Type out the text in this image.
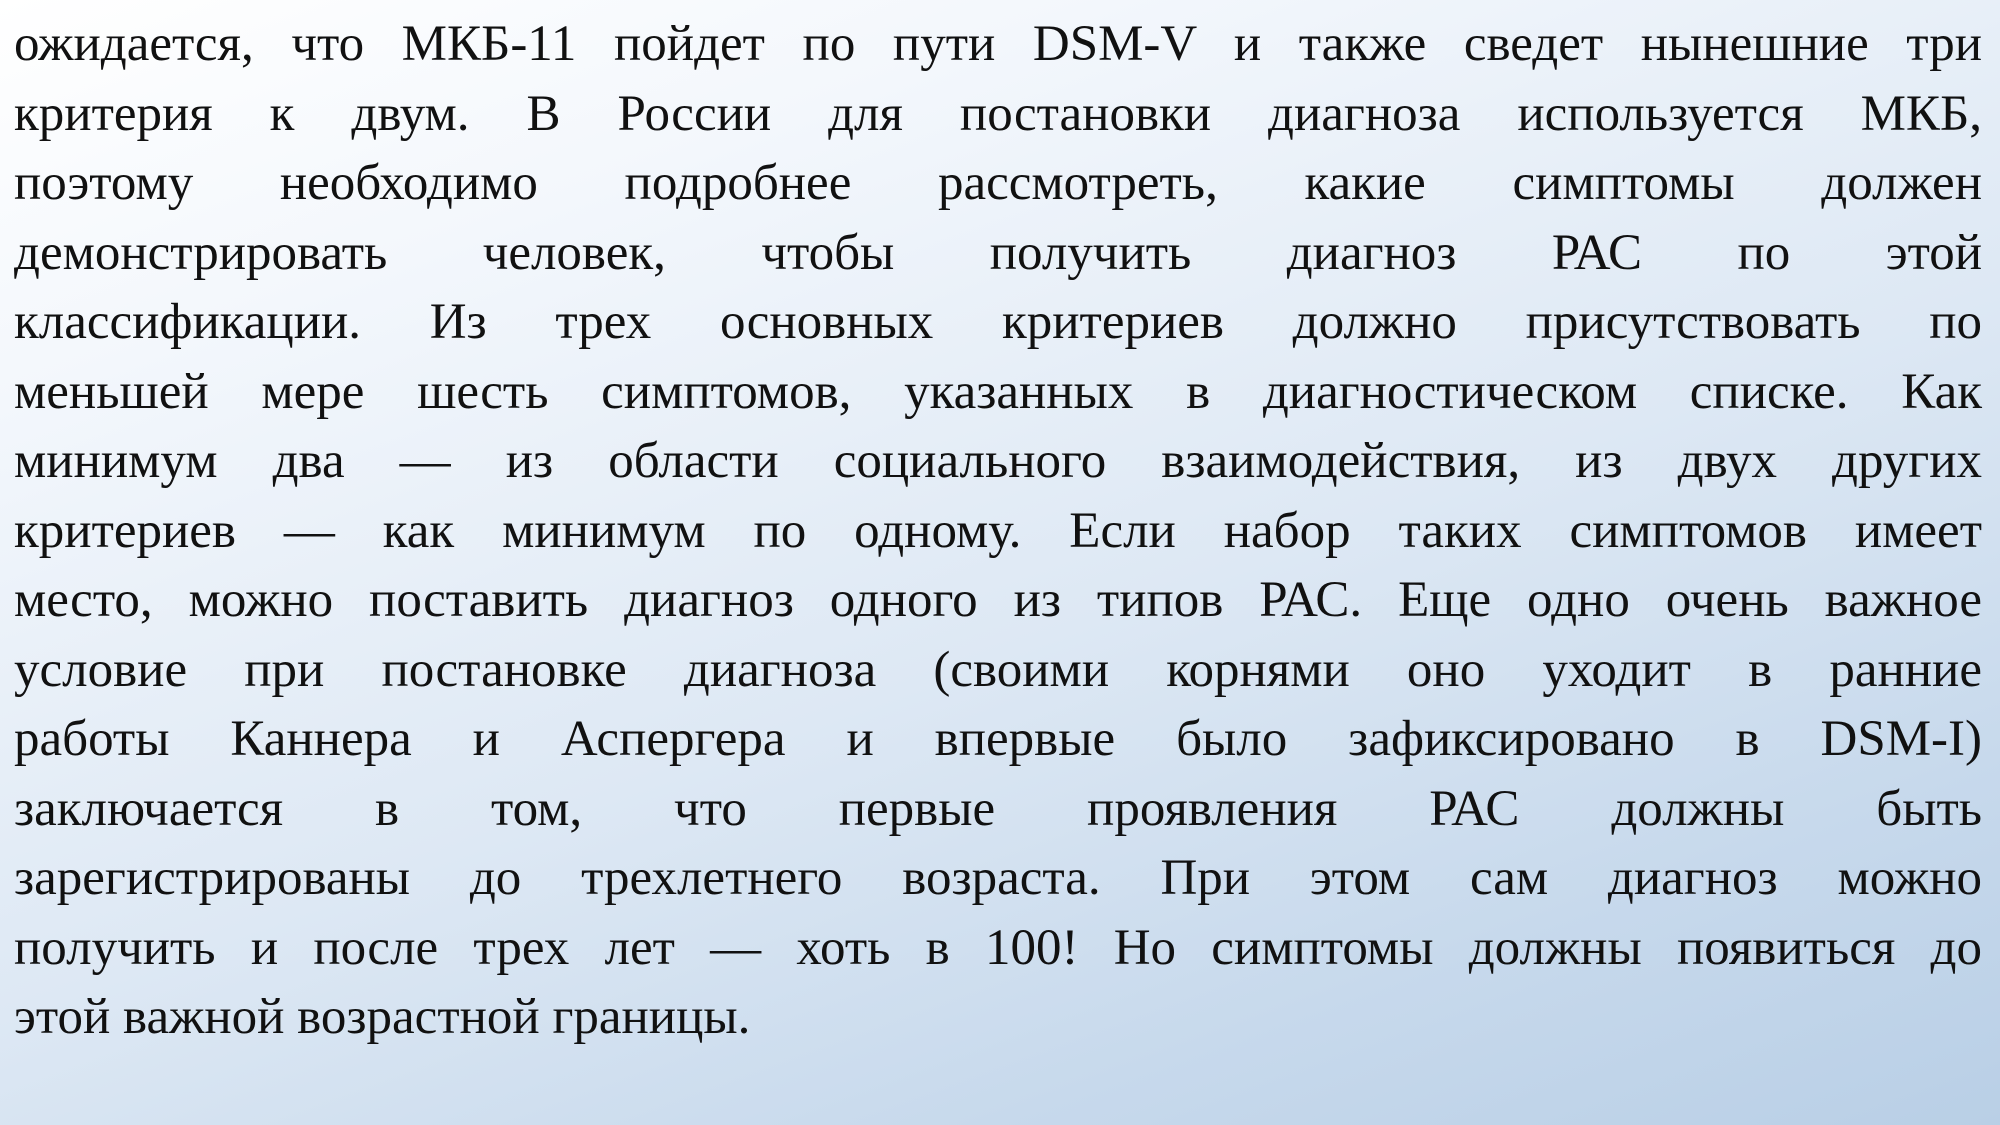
ожидается, что МКБ-11 пойдет по пути DSM-V и также сведет нынешние три
критерия к двум. В России для постановки диагноза используется МКБ,
поэтому необходимо подробнее рассмотреть, какие симптомы должен
демонстрировать человек, чтобы получить диагноз РАС по этой
классификации. Из трех основных критериев должно присутствовать по
меньшей мере шесть симптомов, указанных в диагностическом списке. Как
минимум два — из области социального взаимодействия, из двух других
критериев — как минимум по одному. Если набор таких симптомов имеет
место, можно поставить диагноз одного из типов РАС. Еще одно очень важное
условие при постановке диагноза (своими корнями оно уходит в ранние
работы Каннера и Аспергера и впервые было зафиксировано в DSM-I)
заключается в том, что первые проявления РАС должны быть
зарегистрированы до трехлетнего возраста. При этом сам диагноз можно
получить и после трех лет — хоть в 100! Но симптомы должны появиться до
этой важной возрастной границы.
